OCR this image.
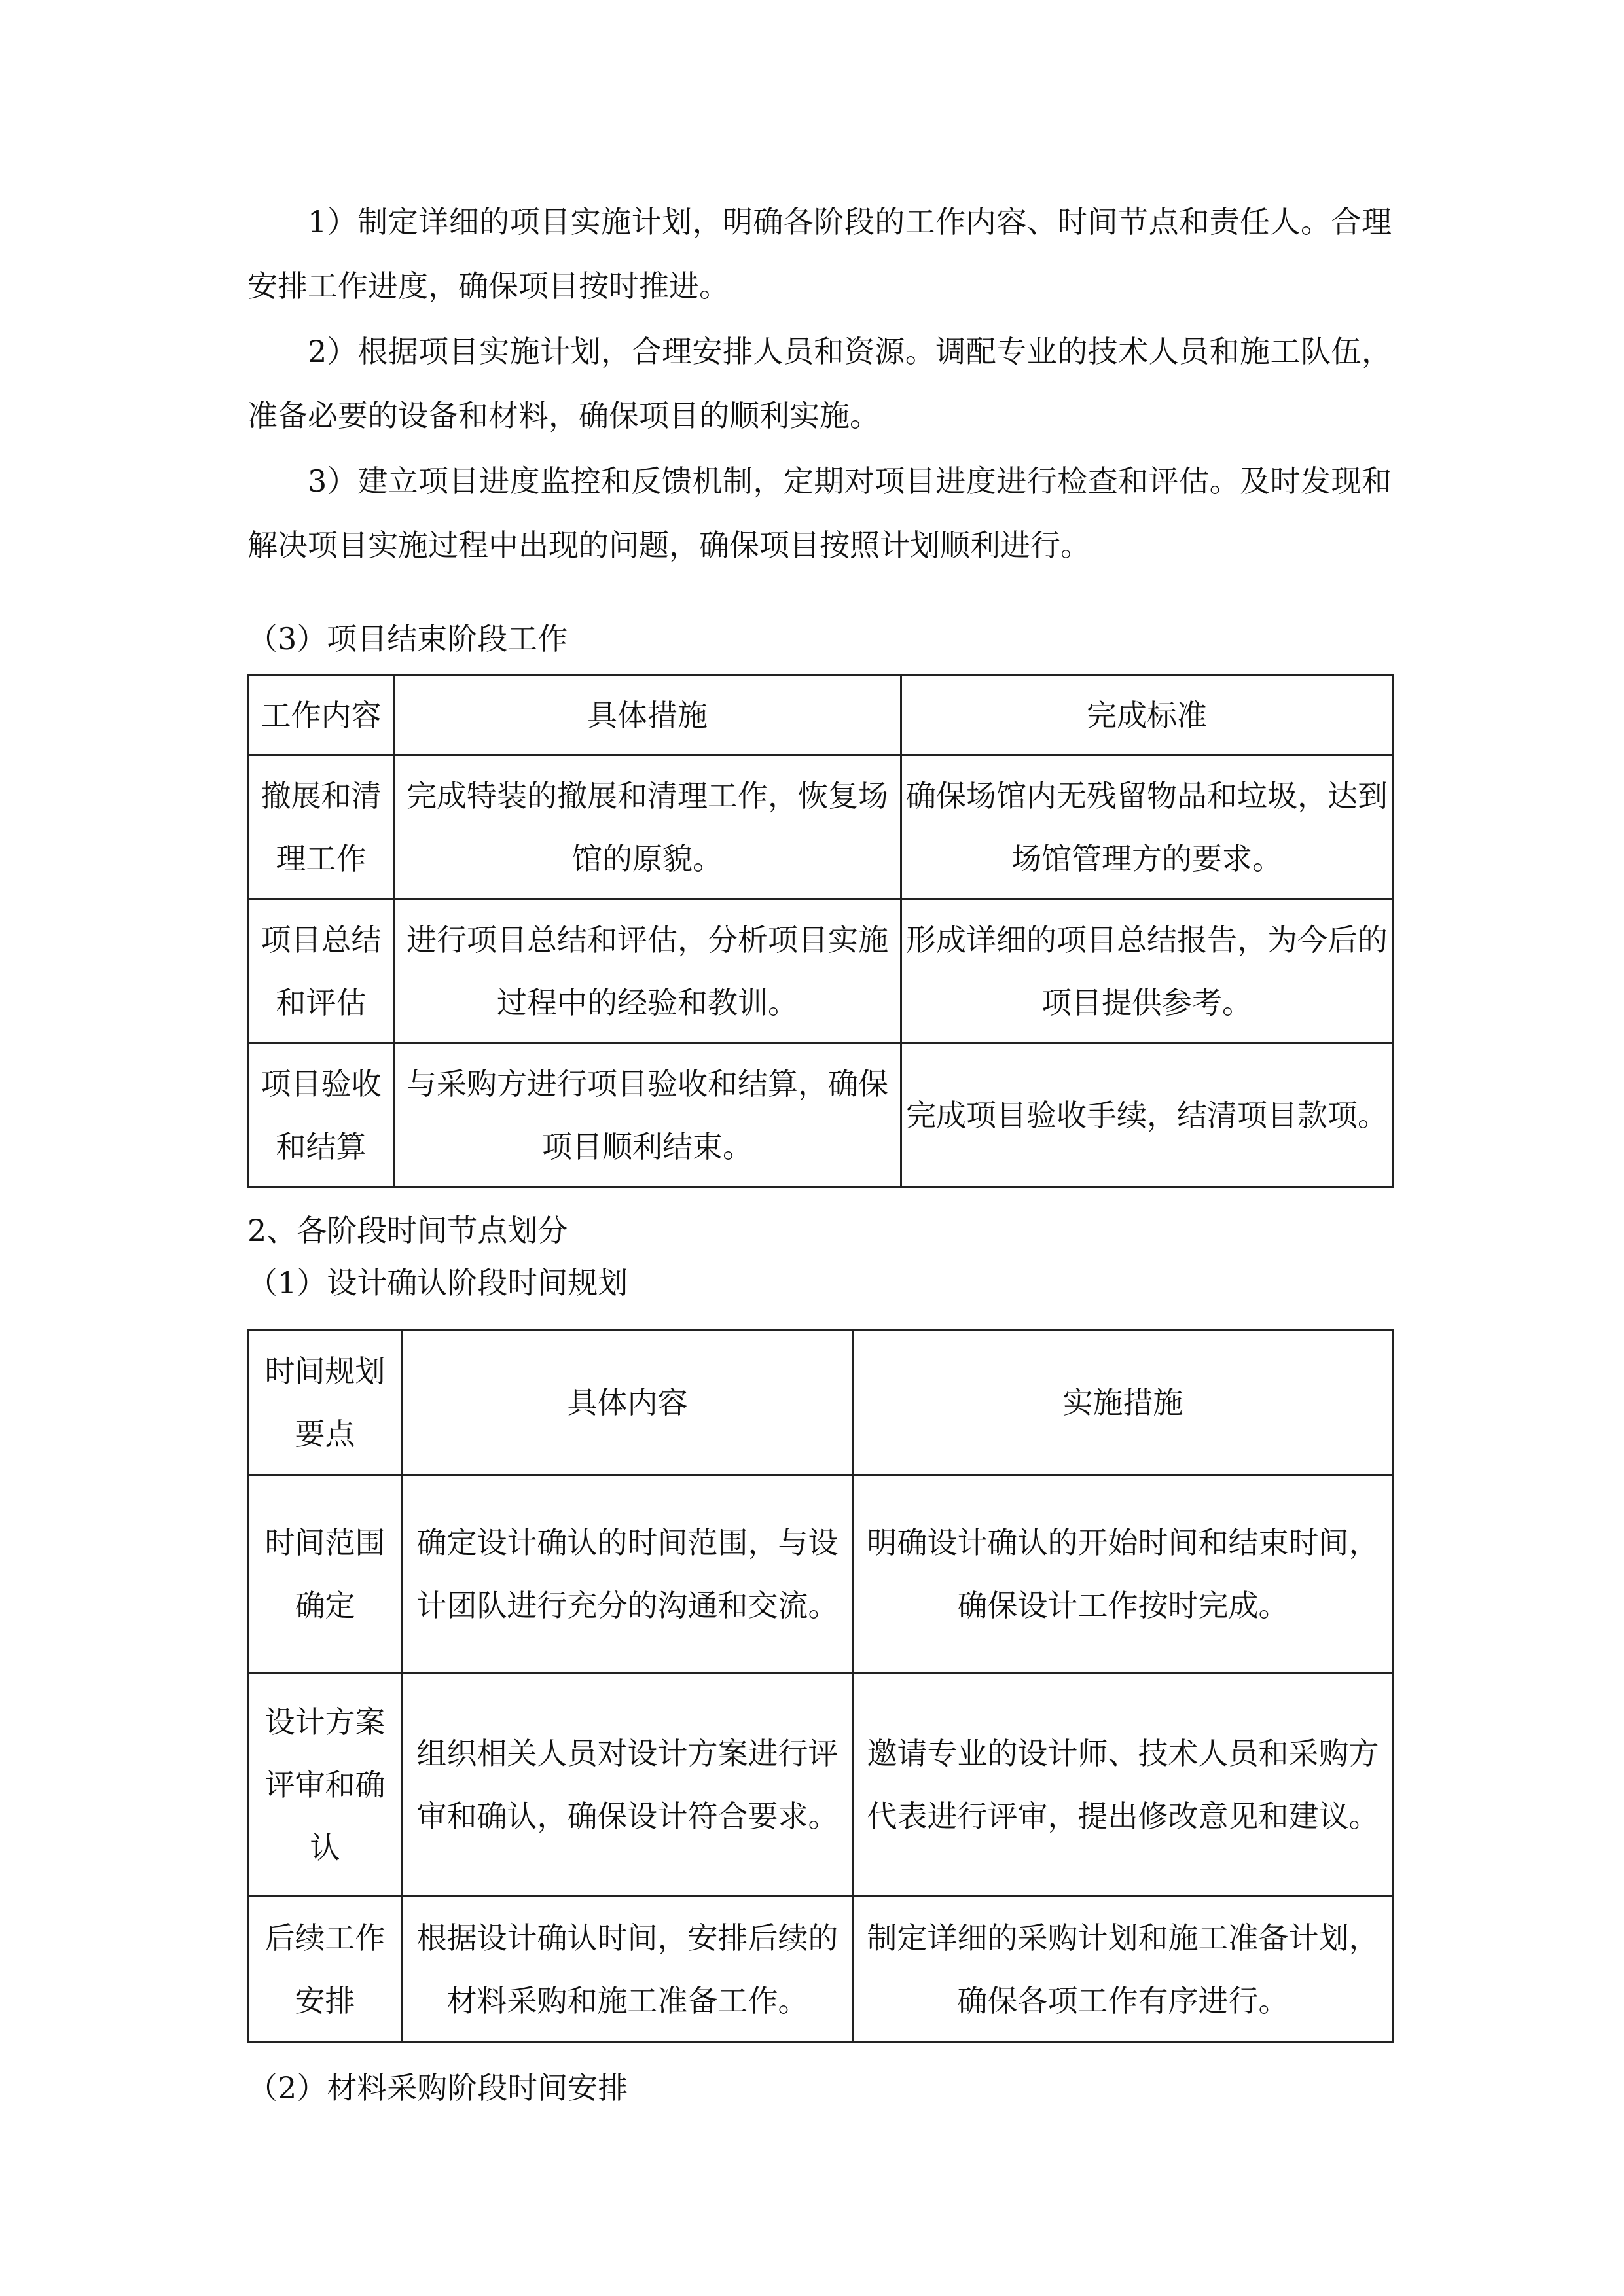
1）制定详细的项目实施计划，明确各阶段的工作内容、时间节点和责任人。合理安排工作进度，确保项目按时推进。

2）根据项目实施计划，合理安排人员和资源。调配专业的技术人员和施工队伍，准备必要的设备和材料，确保项目的顺利实施。

3）建立项目进度监控和反馈机制，定期对项目进度进行检查和评估。及时发现和解决项目实施过程中出现的问题，确保项目按照计划顺利进行。

（3）项目结束阶段工作
工作内容	具体措施	完成标准
撤展和清理工作	完成特装的撤展和清理工作，恢复场馆的原貌。	确保场馆内无残留物品和垃圾，达到场馆管理方的要求。
项目总结和评估	进行项目总结和评估，分析项目实施过程中的经验和教训。	形成详细的项目总结报告，为今后的项目提供参考。
项目验收和结算	与采购方进行项目验收和结算，确保项目顺利结束。	完成项目验收手续，结清项目款项。
2、各阶段时间节点划分
（1）设计确认阶段时间规划
时间规划要点	具体内容	实施措施
时间范围确定	确定设计确认的时间范围，与设计团队进行充分的沟通和交流。	明确设计确认的开始时间和结束时间，确保设计工作按时完成。
设计方案评审和确认	组织相关人员对设计方案进行评审和确认，确保设计符合要求。	邀请专业的设计师、技术人员和采购方代表进行评审，提出修改意见和建议。
后续工作安排	根据设计确认时间，安排后续的材料采购和施工准备工作。	制定详细的采购计划和施工准备计划，确保各项工作有序进行。
（2）材料采购阶段时间安排
